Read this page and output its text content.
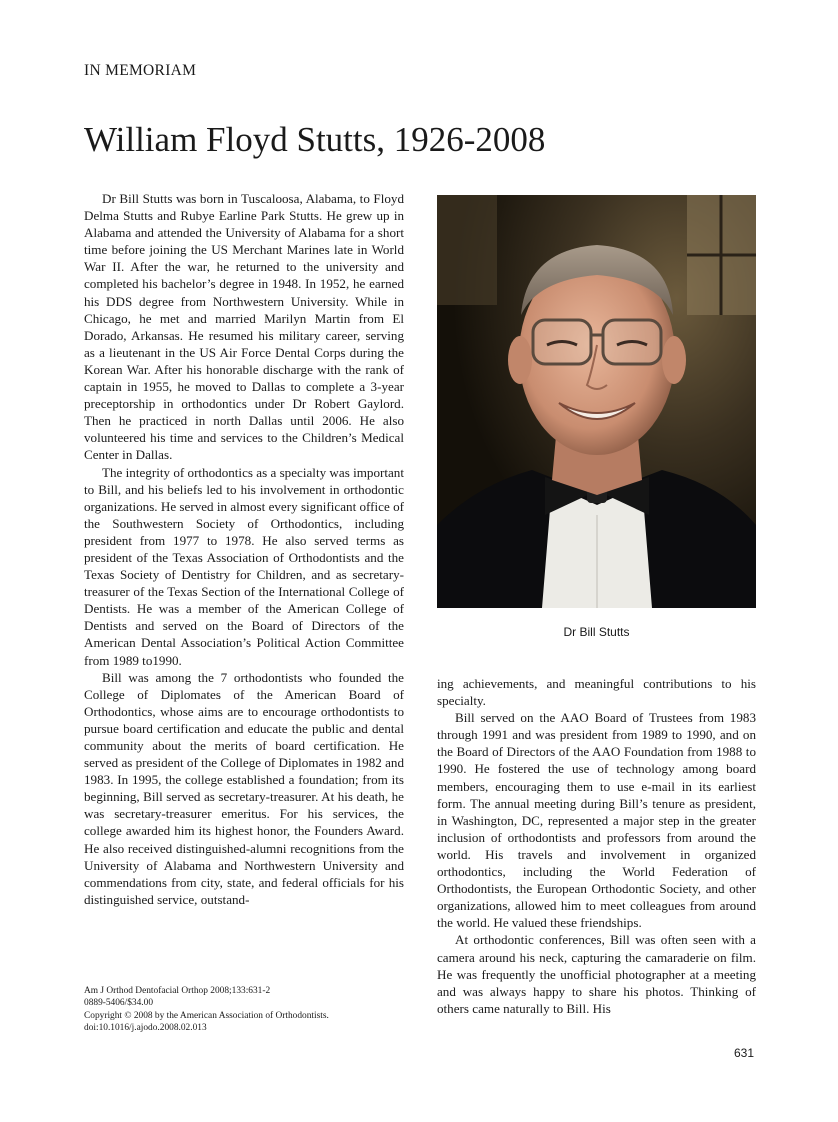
IN MEMORIAM
William Floyd Stutts, 1926-2008

Dr Bill Stutts was born in Tuscaloosa, Alabama, to Floyd Delma Stutts and Rubye Earline Park Stutts. He grew up in Alabama and attended the University of Alabama for a short time before joining the US Merchant Marines late in World War II. After the war, he returned to the university and completed his bachelor’s degree in 1948. In 1952, he earned his DDS degree from Northwestern University. While in Chicago, he met and married Marilyn Martin from El Dorado, Arkansas. He resumed his military career, serving as a lieutenant in the US Air Force Dental Corps during the Korean War. After his honorable discharge with the rank of captain in 1955, he moved to Dallas to complete a 3-year preceptorship in orthodontics under Dr Robert Gaylord. Then he practiced in north Dallas until 2006. He also volunteered his time and services to the Children’s Medical Center in Dallas.

The integrity of orthodontics as a specialty was important to Bill, and his beliefs led to his involvement in orthodontic organizations. He served in almost every significant office of the Southwestern Society of Orthodontics, including president from 1977 to 1978. He also served terms as president of the Texas Association of Orthodontists and the Texas Society of Dentistry for Children, and as secretary-treasurer of the Texas Section of the International College of Dentists. He was a member of the American College of Dentists and served on the Board of Directors of the American Dental Association’s Political Action Committee from 1989 to1990.

Bill was among the 7 orthodontists who founded the College of Diplomates of the American Board of Orthodontics, whose aims are to encourage orthodontists to pursue board certification and educate the public and dental community about the merits of board certification. He served as president of the College of Diplomates in 1982 and 1983. In 1995, the college established a foundation; from its beginning, Bill served as secretary-treasurer. At his death, he was secretary-treasurer emeritus. For his services, the college awarded him its highest honor, the Founders Award. He also received distinguished-alumni recognitions from the University of Alabama and Northwestern University and commendations from city, state, and federal officials for his distinguished service, outstand-

Dr Bill Stutts

ing achievements, and meaningful contributions to his specialty.

Bill served on the AAO Board of Trustees from 1983 through 1991 and was president from 1989 to 1990, and on the Board of Directors of the AAO Foundation from 1988 to 1990. He fostered the use of technology among board members, encouraging them to use e-mail in its earliest form. The annual meeting during Bill’s tenure as president, in Washington, DC, represented a major step in the greater inclusion of orthodontists and professors from around the world. His travels and involvement in organized orthodontics, including the World Federation of Orthodontists, the European Orthodontic Society, and other organizations, allowed him to meet colleagues from around the world. He valued these friendships.

At orthodontic conferences, Bill was often seen with a camera around his neck, capturing the camaraderie on film. He was frequently the unofficial photographer at a meeting and was always happy to share his photos. Thinking of others came naturally to Bill. His

Am J Orthod Dentofacial Orthop 2008;133:631-2
0889-5406/$34.00
Copyright © 2008 by the American Association of Orthodontists.
doi:10.1016/j.ajodo.2008.02.013
631
